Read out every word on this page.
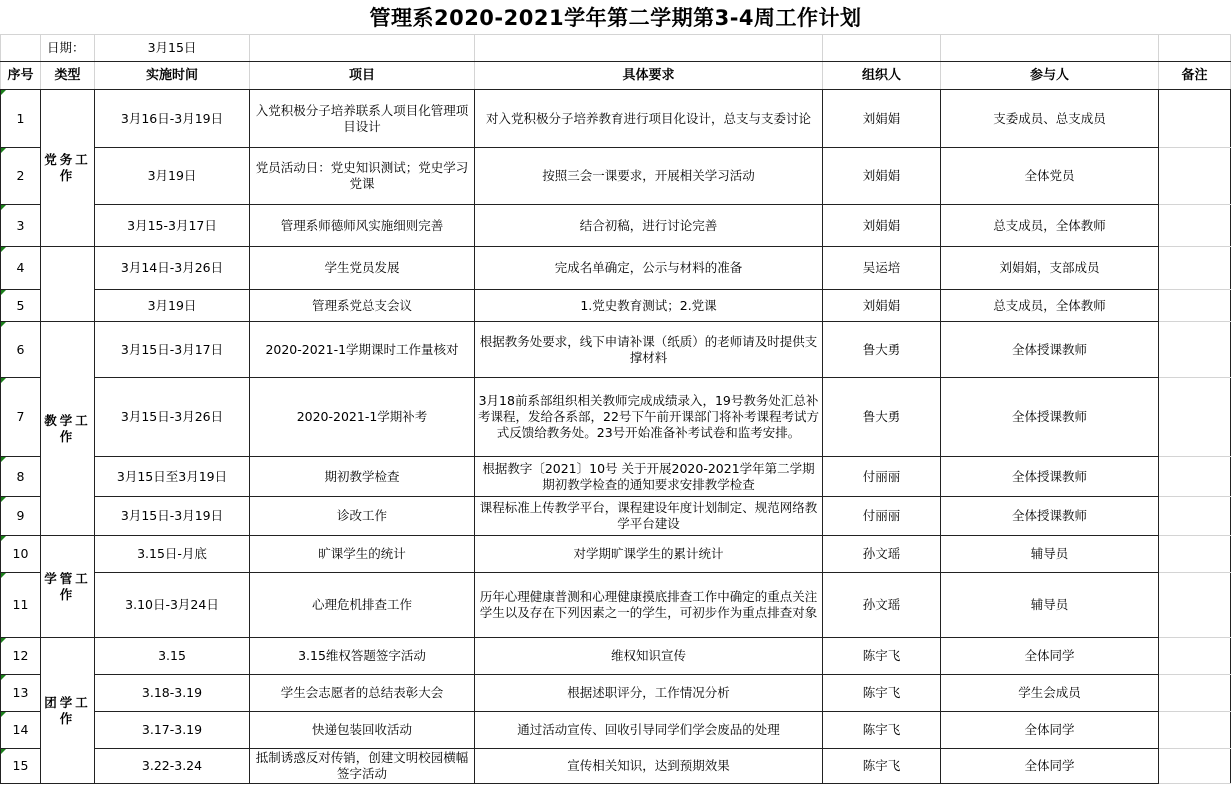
管理系2020-2021学年第二学期第3-4周工作计划
	日期：	3月15日					
序号	类型	实施时间	项目	具体要求	组织人	参与人	备注
1	党务工作	3月16日-3月19日	入党积极分子培养联系人项目化管理项目设计	对入党积极分子培养教育进行项目化设计，总支与支委讨论	刘娟娟	支委成员、总支成员	
2		3月19日	党员活动日：党史知识测试；党史学习党课	按照三会一课要求，开展相关学习活动	刘娟娟	全体党员	
3		3月15-3月17日	管理系师德师风实施细则完善	结合初稿，进行讨论完善	刘娟娟	总支成员，全体教师	
4		3月14日-3月26日	学生党员发展	完成名单确定，公示与材料的准备	吴运培	刘娟娟，支部成员	
5		3月19日	管理系党总支会议	1.党史教育测试；2.党课	刘娟娟	总支成员，全体教师	
6	教学工作	3月15日-3月17日	2020-2021-1学期课时工作量核对	根据教务处要求，线下申请补课（纸质）的老师请及时提供支撑材料	鲁大勇	全体授课教师	
7		3月15日-3月26日	2020-2021-1学期补考	3月18前系部组织相关教师完成成绩录入，19号教务处汇总补考课程，发给各系部，22号下午前开课部门将补考课程考试方式反馈给教务处。23号开始准备补考试卷和监考安排。	鲁大勇	全体授课教师	
8		3月15日至3月19日	期初教学检查	根据教字〔2021〕10号 关于开展2020-2021学年第二学期期初教学检查的通知要求安排教学检查	付丽丽	全体授课教师	
9		3月15日-3月19日	诊改工作	课程标准上传教学平台，课程建设年度计划制定、规范网络教学平台建设	付丽丽	全体授课教师	
10	学管工作	3.15日-月底	旷课学生的统计	对学期旷课学生的累计统计	孙文瑶	辅导员	
11		3.10日-3月24日	心理危机排查工作	历年心理健康普测和心理健康摸底排查工作中确定的重点关注学生以及存在下列因素之一的学生，可初步作为重点排查对象	孙文瑶	辅导员	
12	团学工作	3.15	3.15维权答题签字活动	维权知识宣传	陈宇飞	全体同学	
13		3.18-3.19	学生会志愿者的总结表彰大会	根据述职评分，工作情况分析	陈宇飞	学生会成员	
14		3.17-3.19	快递包装回收活动	通过活动宣传、回收引导同学们学会废品的处理	陈宇飞	全体同学	
15		3.22-3.24	抵制诱惑反对传销，创建文明校园横幅签字活动	宣传相关知识，达到预期效果	陈宇飞	全体同学	
